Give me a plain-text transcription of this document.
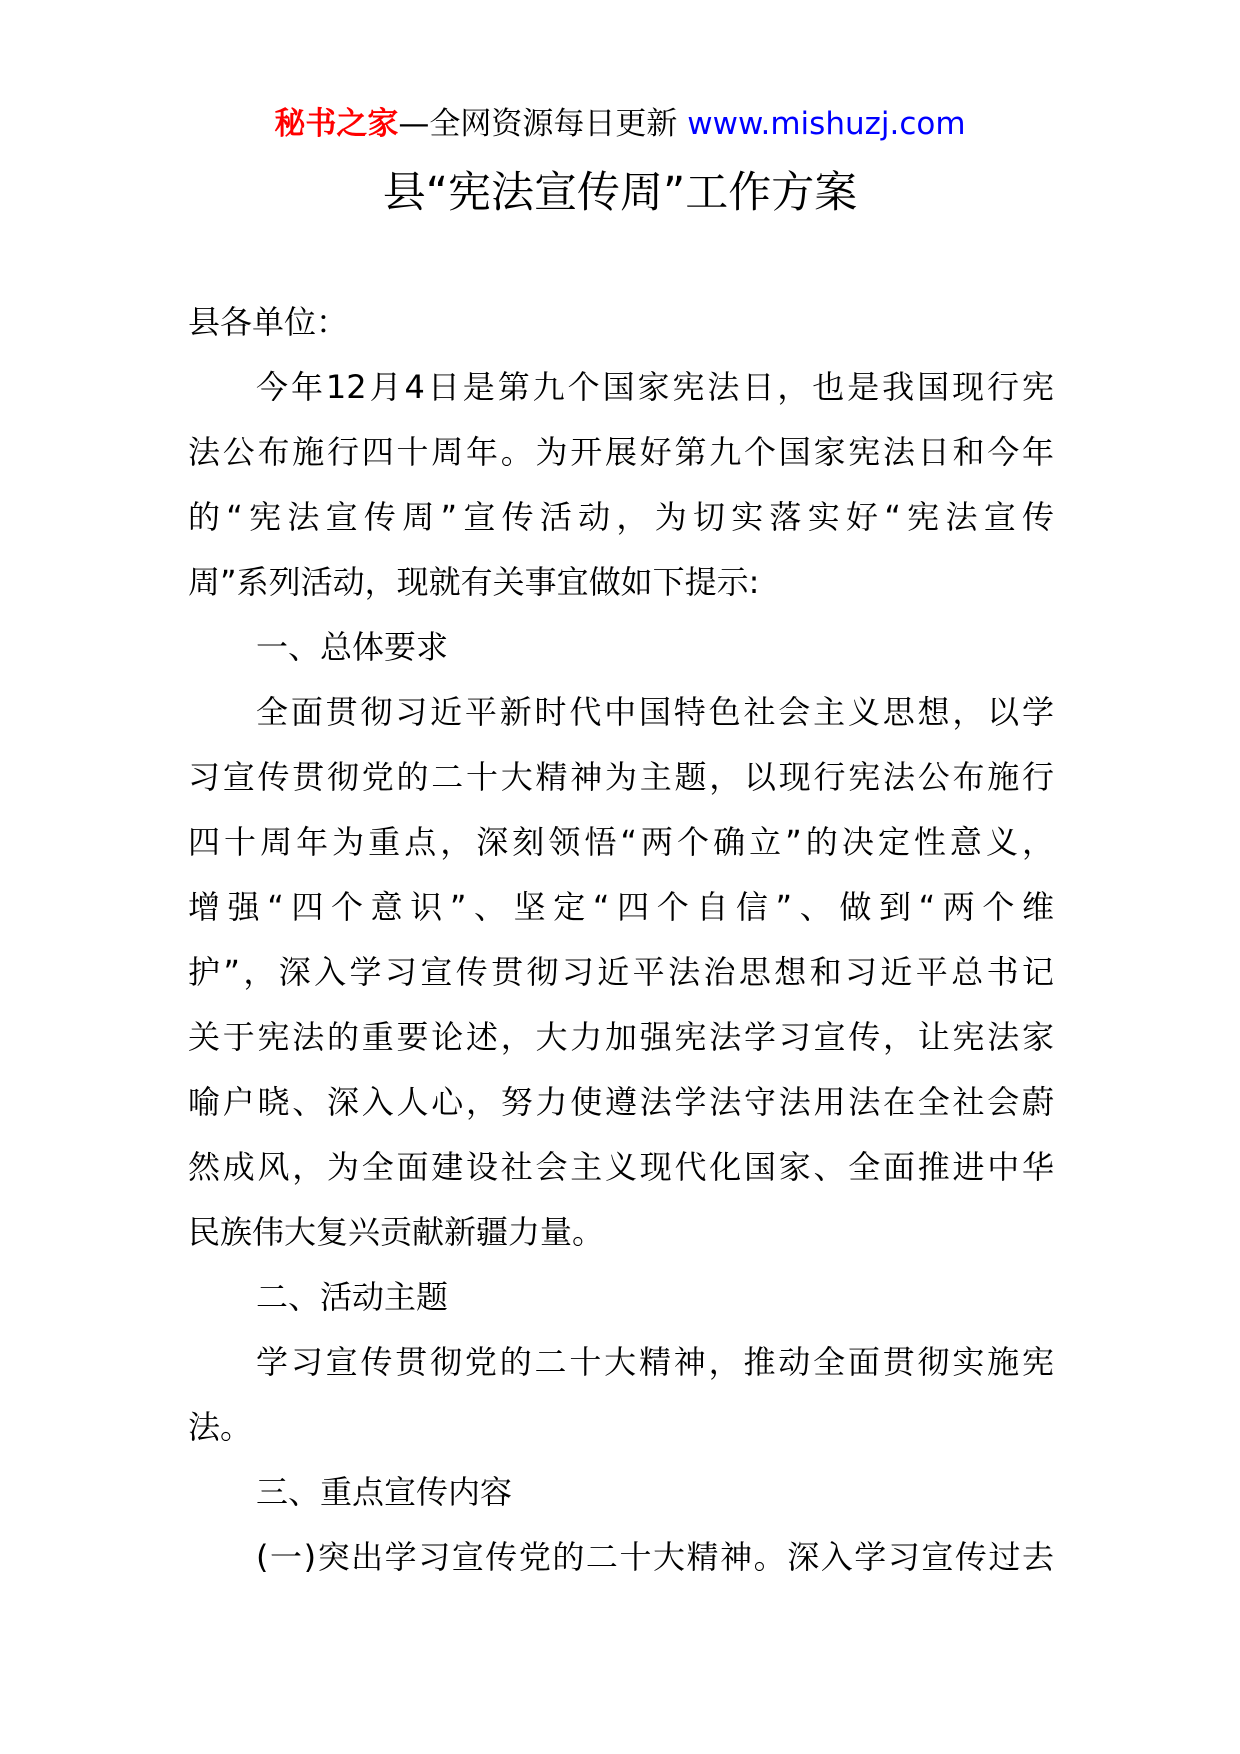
秘书之家—全网资源每日更新 www.mishuzj.com
县“宪法宣传周”工作方案
县各单位：
今年12月4日是第九个国家宪法日，也是我国现行宪
法公布施行四十周年。为开展好第九个国家宪法日和今年
的“宪法宣传周”宣传活动，为切实落实好“宪法宣传
周”系列活动，现就有关事宜做如下提示:
一、总体要求
全面贯彻习近平新时代中国特色社会主义思想，以学
习宣传贯彻党的二十大精神为主题，以现行宪法公布施行
四十周年为重点，深刻领悟“两个确立”的决定性意义，
增强“四个意识”、坚定“四个自信”、做到“两个维
护”，深入学习宣传贯彻习近平法治思想和习近平总书记
关于宪法的重要论述，大力加强宪法学习宣传，让宪法家
喻户晓、深入人心，努力使遵法学法守法用法在全社会蔚
然成风，为全面建设社会主义现代化国家、全面推进中华
民族伟大复兴贡献新疆力量。
二、活动主题
学习宣传贯彻党的二十大精神，推动全面贯彻实施宪
法。
三、重点宣传内容
(一)突出学习宣传党的二十大精神。深入学习宣传过去
